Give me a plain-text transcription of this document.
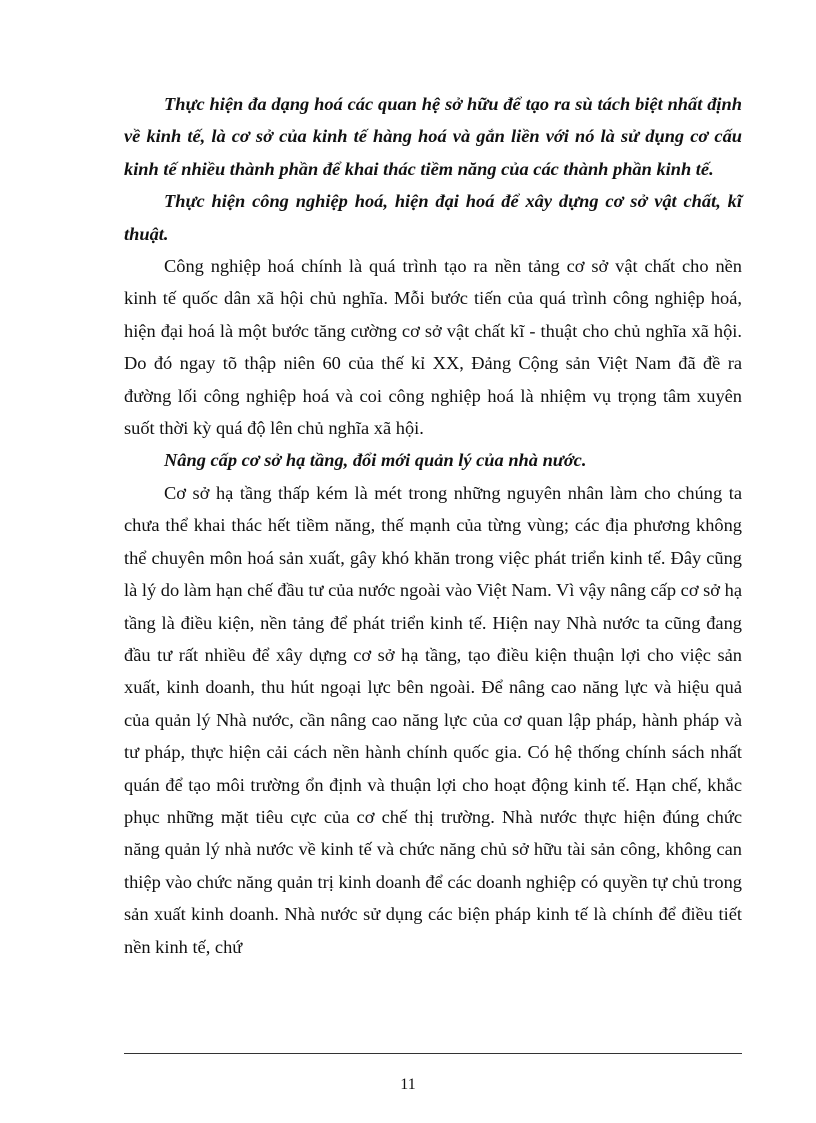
Thực hiện đa dạng hoá các quan hệ sở hữu để tạo ra sù tách biệt nhất định về kinh tế, là cơ sở của kinh tế hàng hoá và gắn liền với nó là sử dụng cơ cấu kinh tế nhiều thành phần để khai thác tiềm năng của các thành phần kinh tế.

Thực hiện công nghiệp hoá, hiện đại hoá để xây dựng cơ sở vật chất, kĩ thuật.

Công nghiệp hoá chính là quá trình tạo ra nền tảng cơ sở vật chất cho nền kinh tế quốc dân xã hội chủ nghĩa. Mỗi bước tiến của quá trình công nghiệp hoá, hiện đại hoá là một bước tăng cường cơ sở vật chất kĩ - thuật cho chủ nghĩa xã hội. Do đó ngay tõ thập niên 60 của thế kỉ XX, Đảng Cộng sản Việt Nam đã đề ra đường lối công nghiệp hoá và coi công nghiệp hoá là nhiệm vụ trọng tâm xuyên suốt thời kỳ quá độ lên chủ nghĩa xã hội.

Nâng cấp cơ sở hạ tầng, đổi mới quản lý của nhà nước.

Cơ sở hạ tầng thấp kém là mét trong những nguyên nhân làm cho chúng ta chưa thể khai thác hết tiềm năng, thế mạnh của từng vùng; các địa phương không thể chuyên môn hoá sản xuất, gây khó khăn trong việc phát triển kinh tế. Đây cũng là lý do làm hạn chế đầu tư của nước ngoài vào Việt Nam. Vì vậy nâng cấp cơ sở hạ tầng là điều kiện, nền tảng để phát triển kinh tế. Hiện nay Nhà nước ta cũng đang đầu tư rất nhiều để xây dựng cơ sở hạ tầng, tạo điều kiện thuận lợi cho việc sản xuất, kinh doanh, thu hút ngoại lực bên ngoài. Để nâng cao năng lực và hiệu quả của quản lý Nhà nước, cần nâng cao năng lực của cơ quan lập pháp, hành pháp và tư pháp, thực hiện cải cách nền hành chính quốc gia. Có hệ thống chính sách nhất quán để tạo môi trường ổn định và thuận lợi cho hoạt động kinh tế. Hạn chế, khắc phục những mặt tiêu cực của cơ chế thị trường. Nhà nước thực hiện đúng chức năng quản lý nhà nước về kinh tế và chức năng chủ sở hữu tài sản công, không can thiệp vào chức năng quản trị kinh doanh để các doanh nghiệp có quyền tự chủ trong sản xuất kinh doanh. Nhà nước sử dụng các biện pháp kinh tế là chính để điều tiết nền kinh tế, chứ

11
